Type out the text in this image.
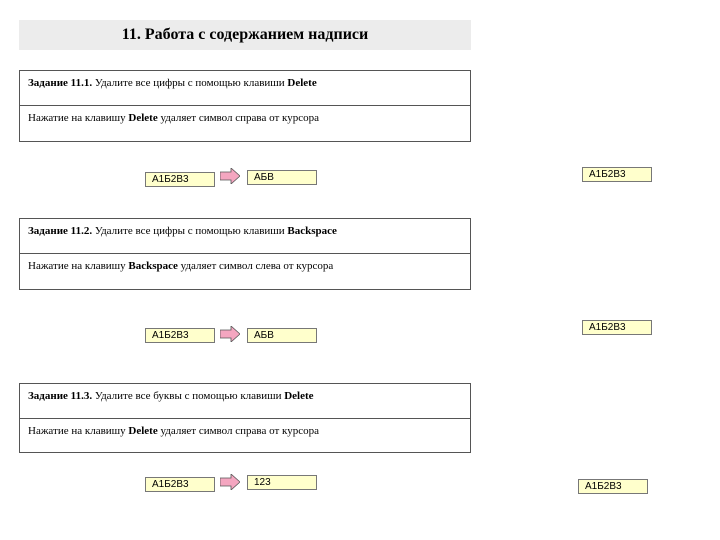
11. Работа с содержанием надписи
Задание 11.1. Удалите все цифры с помощью клавиши Delete
Нажатие на клавишу Delete удаляет символ справа от курсора
А1Б2В3	АБВ	А1Б2В3
Задание 11.2. Удалите все цифры с помощью клавиши Backspace
Нажатие на клавишу Backspace удаляет символ слева от курсора
А1Б2В3	АБВ
А1Б2В3
Задание 11.3. Удалите все буквы с помощью клавиши Delete
Нажатие на клавишу Delete удаляет символ справа от курсора
А1Б2В3	123	А1Б2В3
